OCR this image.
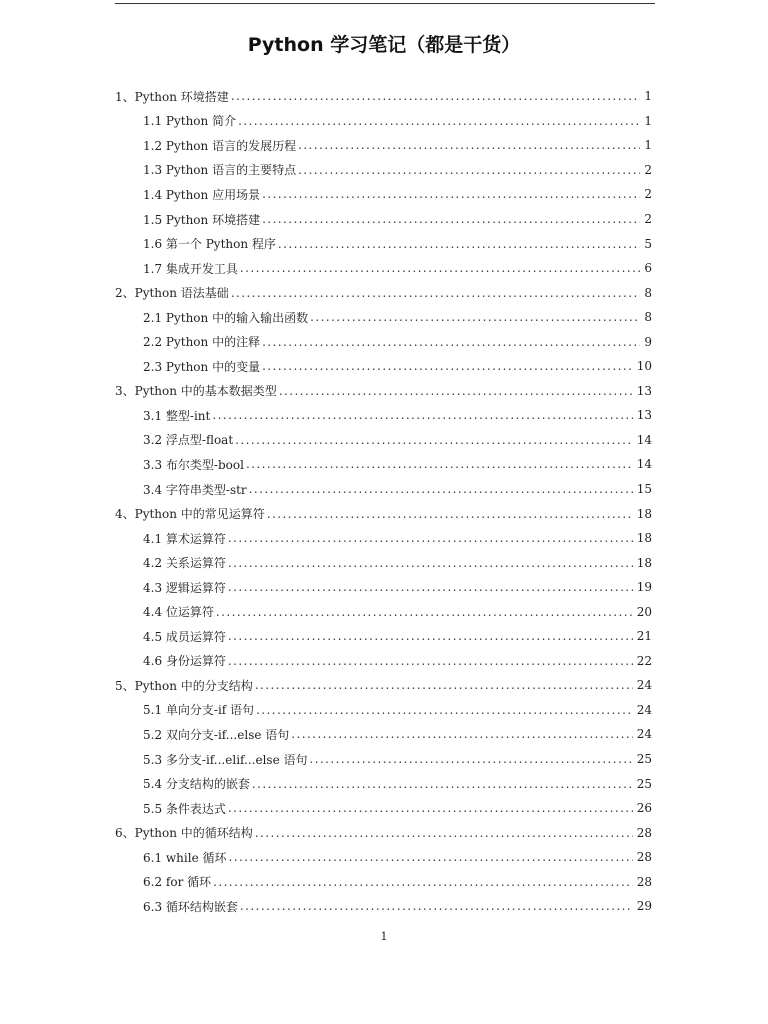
Python 学习笔记（都是干货）
1、Python 环境搭建 . . .	1
1.1 Python 简介 . . .	1
1.2 Python 语言的发展历程 . . .	1
1.3 Python 语言的主要特点 . . .	2
1.4 Python 应用场景 . . .	2
1.5 Python 环境搭建 . . .	2
1.6 第一个 Python 程序 . . .	5
1.7 集成开发工具 . . .	6
2、Python 语法基础 . . .	8
2.1 Python 中的输入输出函数 . . .	8
2.2 Python 中的注释 . . .	9
2.3 Python 中的变量 . . .	10
3、Python 中的基本数据类型 . . .	13
3.1 整型-int . . .	13
3.2 浮点型-float . . .	14
3.3 布尔类型-bool . . .	14
3.4 字符串类型-str . . .	15
4、Python 中的常见运算符 . . .	18
4.1 算术运算符 . . .	18
4.2 关系运算符 . . .	18
4.3 逻辑运算符 . . .	19
4.4 位运算符 . . .	20
4.5 成员运算符 . . .	21
4.6 身份运算符 . . .	22
5、Python 中的分支结构 . . .	24
5.1 单向分支-if 语句 . . .	24
5.2 双向分支-if...else 语句 . . .	24
5.3 多分支-if...elif...else 语句 . . .	25
5.4 分支结构的嵌套 . . .	25
5.5 条件表达式 . . .	26
6、Python 中的循环结构 . . .	28
6.1 while 循环 . . .	28
6.2 for 循环 . . .	28
6.3 循环结构嵌套 . . .	29
1
